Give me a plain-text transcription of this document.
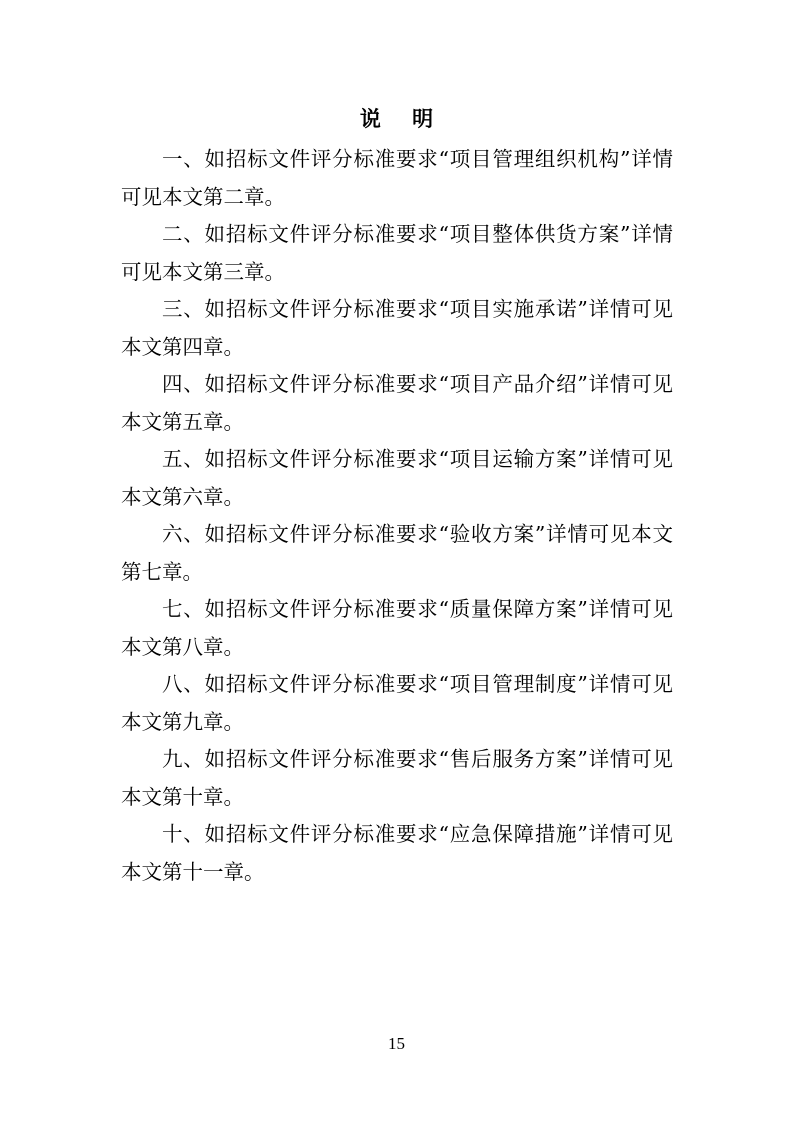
说 明

一、如招标文件评分标准要求“项目管理组织机构”详情可见本文第二章。

二、如招标文件评分标准要求“项目整体供货方案”详情可见本文第三章。

三、如招标文件评分标准要求“项目实施承诺”详情可见本文第四章。

四、如招标文件评分标准要求“项目产品介绍”详情可见本文第五章。

五、如招标文件评分标准要求“项目运输方案”详情可见本文第六章。

六、如招标文件评分标准要求“验收方案”详情可见本文第七章。

七、如招标文件评分标准要求“质量保障方案”详情可见本文第八章。

八、如招标文件评分标准要求“项目管理制度”详情可见本文第九章。

九、如招标文件评分标准要求“售后服务方案”详情可见本文第十章。

十、如招标文件评分标准要求“应急保障措施”详情可见本文第十一章。

15
